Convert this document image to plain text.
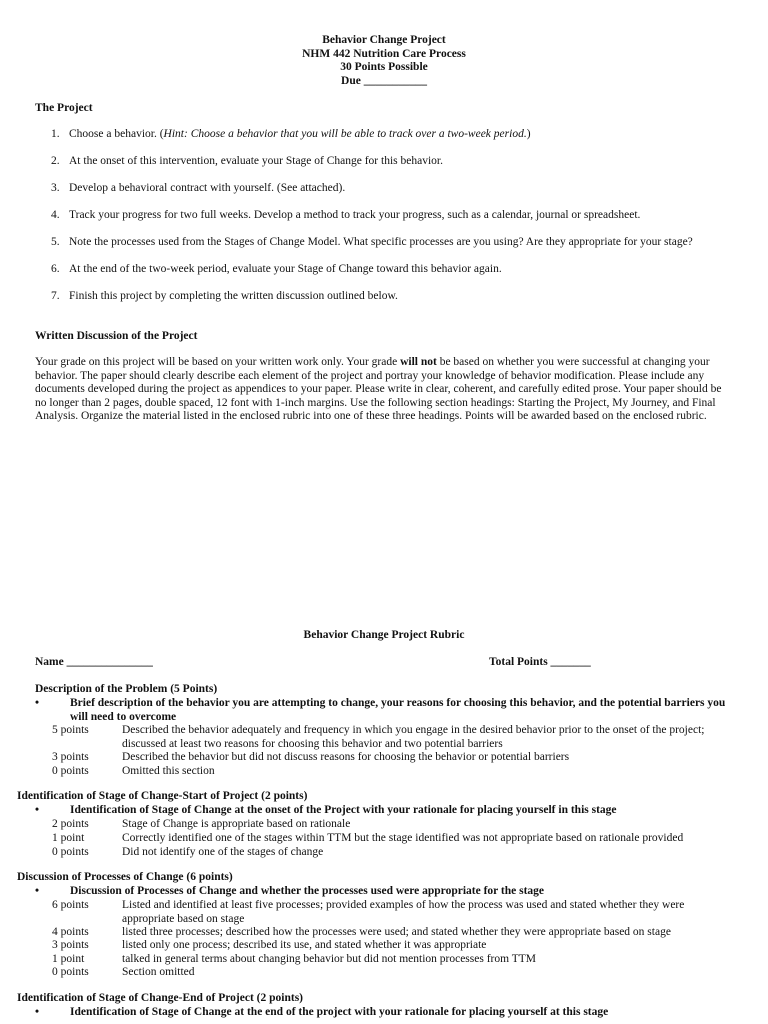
Behavior Change Project
NHM 442 Nutrition Care Process
30 Points Possible
Due ___________
The Project
1. Choose a behavior. (Hint: Choose a behavior that you will be able to track over a two-week period.)
2. At the onset of this intervention, evaluate your Stage of Change for this behavior.
3. Develop a behavioral contract with yourself. (See attached).
4. Track your progress for two full weeks. Develop a method to track your progress, such as a calendar, journal or spreadsheet.
5. Note the processes used from the Stages of Change Model. What specific processes are you using? Are they appropriate for your stage?
6. At the end of the two-week period, evaluate your Stage of Change toward this behavior again.
7. Finish this project by completing the written discussion outlined below.
Written Discussion of the Project
Your grade on this project will be based on your written work only. Your grade will not be based on whether you were successful at changing your behavior. The paper should clearly describe each element of the project and portray your knowledge of behavior modification. Please include any documents developed during the project as appendices to your paper. Please write in clear, coherent, and carefully edited prose. Your paper should be no longer than 2 pages, double spaced, 12 font with 1-inch margins. Use the following section headings: Starting the Project, My Journey, and Final Analysis. Organize the material listed in the enclosed rubric into one of these three headings. Points will be awarded based on the enclosed rubric.
Behavior Change Project Rubric
Name _______________	Total Points _______
Description of the Problem (5 Points)
•	Brief description of the behavior you are attempting to change, your reasons for choosing this behavior, and the potential barriers you will need to overcome
5 points	Described the behavior adequately and frequency in which you engage in the desired behavior prior to the onset of the project; discussed at least two reasons for choosing this behavior and two potential barriers
3 points	Described the behavior but did not discuss reasons for choosing the behavior or potential barriers
0 points	Omitted this section
Identification of Stage of Change-Start of Project (2 points)
•	Identification of Stage of Change at the onset of the Project with your rationale for placing yourself in this stage
2 points	Stage of Change is appropriate based on rationale
1 point	Correctly identified one of the stages within TTM but the stage identified was not appropriate based on rationale provided
0 points	Did not identify one of the stages of change
Discussion of Processes of Change (6 points)
•	Discussion of Processes of Change and whether the processes used were appropriate for the stage
6 points	Listed and identified at least five processes; provided examples of how the process was used and stated whether they were appropriate based on stage
4 points	listed three processes; described how the processes were used; and stated whether they were appropriate based on stage
3 points	listed only one process; described its use, and stated whether it was appropriate
1 point	talked in general terms about changing behavior but did not mention processes from TTM
0 points	Section omitted
Identification of Stage of Change-End of Project (2 points)
•	Identification of Stage of Change at the end of the project with your rationale for placing yourself at this stage
